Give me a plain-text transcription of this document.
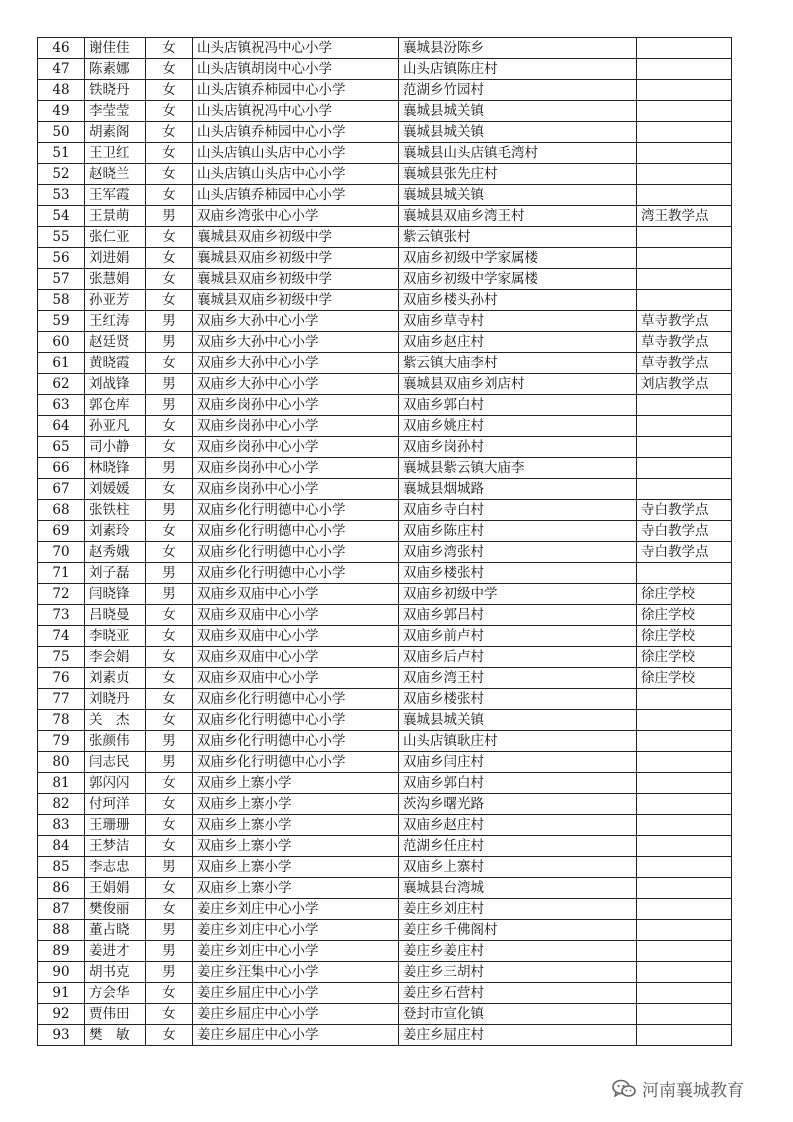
46	谢佳佳	女	山头店镇祝冯中心小学	襄城县汾陈乡	
47	陈素娜	女	山头店镇胡岗中心小学	山头店镇陈庄村	
48	铁晓丹	女	山头店镇乔柿园中心小学	范湖乡竹园村	
49	李莹莹	女	山头店镇祝冯中心小学	襄城县城关镇	
50	胡素阁	女	山头店镇乔柿园中心小学	襄城县城关镇	
51	王卫红	女	山头店镇山头店中心小学	襄城县山头店镇毛湾村	
52	赵晓兰	女	山头店镇山头店中心小学	襄城县张先庄村	
53	王军霞	女	山头店镇乔柿园中心小学	襄城县城关镇	
54	王景萌	男	双庙乡湾张中心小学	襄城县双庙乡湾王村	湾王教学点
55	张仁亚	女	襄城县双庙乡初级中学	紫云镇张村	
56	刘进娟	女	襄城县双庙乡初级中学	双庙乡初级中学家属楼	
57	张慧娟	女	襄城县双庙乡初级中学	双庙乡初级中学家属楼	
58	孙亚芳	女	襄城县双庙乡初级中学	双庙乡楼头孙村	
59	王红涛	男	双庙乡大孙中心小学	双庙乡草寺村	草寺教学点
60	赵廷贤	男	双庙乡大孙中心小学	双庙乡赵庄村	草寺教学点
61	黄晓霞	女	双庙乡大孙中心小学	紫云镇大庙李村	草寺教学点
62	刘战锋	男	双庙乡大孙中心小学	襄城县双庙乡刘店村	刘店教学点
63	郭仓库	男	双庙乡岗孙中心小学	双庙乡郭白村	
64	孙亚凡	女	双庙乡岗孙中心小学	双庙乡姚庄村	
65	司小静	女	双庙乡岗孙中心小学	双庙乡岗孙村	
66	林晓锋	男	双庙乡岗孙中心小学	襄城县紫云镇大庙李	
67	刘媛媛	女	双庙乡岗孙中心小学	襄城县烟城路	
68	张铁柱	男	双庙乡化行明德中心小学	双庙乡寺白村	寺白教学点
69	刘素玲	女	双庙乡化行明德中心小学	双庙乡陈庄村	寺白教学点
70	赵秀娥	女	双庙乡化行明德中心小学	双庙乡湾张村	寺白教学点
71	刘子磊	男	双庙乡化行明德中心小学	双庙乡楼张村	
72	闫晓锋	男	双庙乡双庙中心小学	双庙乡初级中学	徐庄学校
73	吕晓曼	女	双庙乡双庙中心小学	双庙乡郭吕村	徐庄学校
74	李晓亚	女	双庙乡双庙中心小学	双庙乡前卢村	徐庄学校
75	李会娟	女	双庙乡双庙中心小学	双庙乡后卢村	徐庄学校
76	刘素贞	女	双庙乡双庙中心小学	双庙乡湾王村	徐庄学校
77	刘晓丹	女	双庙乡化行明德中心小学	双庙乡楼张村	
78	关　杰	女	双庙乡化行明德中心小学	襄城县城关镇	
79	张颜伟	男	双庙乡化行明德中心小学	山头店镇耿庄村	
80	闫志民	男	双庙乡化行明德中心小学	双庙乡闫庄村	
81	郭闪闪	女	双庙乡上寨小学	双庙乡郭白村	
82	付珂洋	女	双庙乡上寨小学	茨沟乡曙光路	
83	王珊珊	女	双庙乡上寨小学	双庙乡赵庄村	
84	王梦洁	女	双庙乡上寨小学	范湖乡任庄村	
85	李志忠	男	双庙乡上寨小学	双庙乡上寨村	
86	王娟娟	女	双庙乡上寨小学	襄城县台湾城	
87	樊俊丽	女	姜庄乡刘庄中心小学	姜庄乡刘庄村	
88	董占晓	男	姜庄乡刘庄中心小学	姜庄乡千佛阁村	
89	姜进才	男	姜庄乡刘庄中心小学	姜庄乡姜庄村	
90	胡书克	男	姜庄乡汪集中心小学	姜庄乡三胡村	
91	方会华	女	姜庄乡屈庄中心小学	姜庄乡石营村	
92	贾伟田	女	姜庄乡屈庄中心小学	登封市宣化镇	
93	樊　敏	女	姜庄乡屈庄中心小学	姜庄乡屈庄村	
河南襄城教育
